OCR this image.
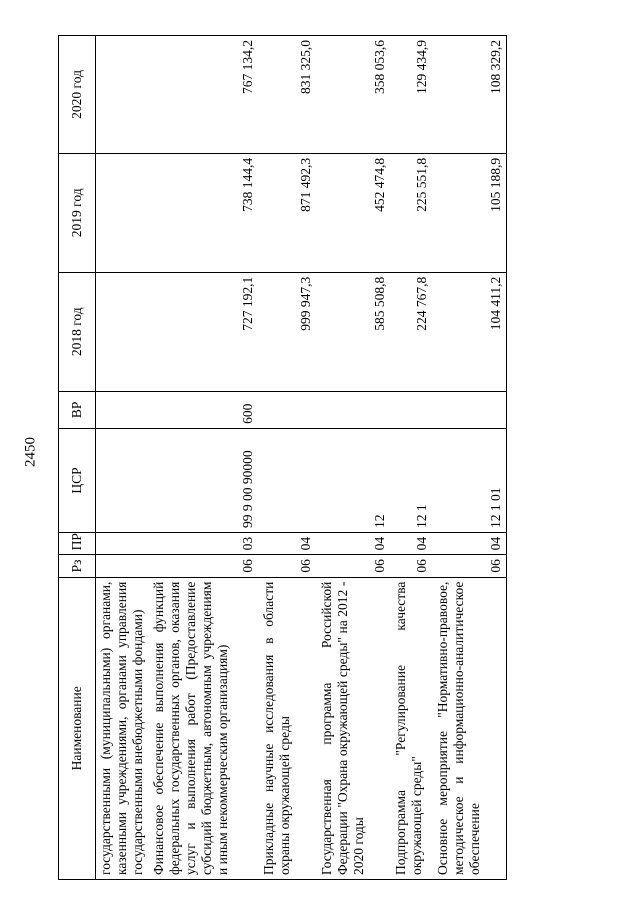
2450
Наименование	Рз	ПР	ЦСР	ВР	2018 год	2019 год	2020 год

государственными (муниципальными) органами, казенными учреждениями, органами управления государственными внебюджетными фондами)							

Финансовое обеспечение выполнения функций федеральных государственных органов, оказания услуг и выполнения работ (Предоставление субсидий бюджетным, автономным учреждениям и иным некоммерческим организациям)	06	03	99 9 00 90000	600	727 192,1	738 144,4	767 134,2

Прикладные научные исследования в области охраны окружающей среды	06	04			999 947,3	871 492,3	831 325,0

Государственная программа Российской Федерации "Охрана окружающей среды" на 2012 - 2020 годы	06	04	12		585 508,8	452 474,8	358 053,6

Подпрограмма "Регулирование качества окружающей среды"	06	04	12 1		224 767,8	225 551,8	129 434,9

Основное мероприятие "Нормативно-правовое, методическое и информационно-аналитическое обеспечение	06	04	12 1 01		104 411,2	105 188,9	108 329,2
